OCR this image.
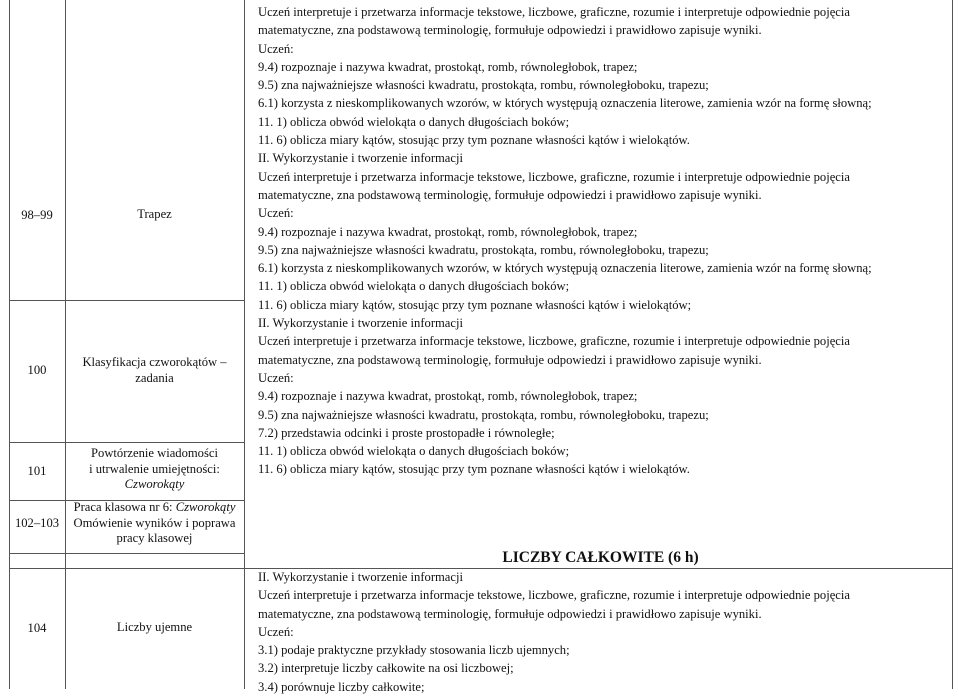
98–99
100
101
102–103
104
Trapez
Klasyfikacja czworokątów – zadania
Powtórzenie wiadomości
i utrwalenie umiejętności:
Czworokąty
Praca klasowa nr 6: Czworokąty
Omówienie wyników i poprawa
pracy klasowej
Liczby ujemne
Uczeń interpretuje i przetwarza informacje tekstowe, liczbowe, graficzne, rozumie i interpretuje odpowiednie pojęcia
matematyczne, zna podstawową terminologię, formułuje odpowiedzi i prawidłowo zapisuje wyniki.
Uczeń:
9.4) rozpoznaje i nazywa kwadrat, prostokąt, romb, równoległobok, trapez;
9.5) zna najważniejsze własności kwadratu, prostokąta, rombu, równoległoboku, trapezu;
6.1) korzysta z nieskomplikowanych wzorów, w których występują oznaczenia literowe, zamienia wzór na formę słowną;
11. 1) oblicza obwód wielokąta o danych długościach boków;
11. 6) oblicza miary kątów, stosując przy tym poznane własności kątów i wielokątów.
II. Wykorzystanie i tworzenie informacji
Uczeń interpretuje i przetwarza informacje tekstowe, liczbowe, graficzne, rozumie i interpretuje odpowiednie pojęcia
matematyczne, zna podstawową terminologię, formułuje odpowiedzi i prawidłowo zapisuje wyniki.
Uczeń:
9.4) rozpoznaje i nazywa kwadrat, prostokąt, romb, równoległobok, trapez;
9.5) zna najważniejsze własności kwadratu, prostokąta, rombu, równoległoboku, trapezu;
6.1) korzysta z nieskomplikowanych wzorów, w których występują oznaczenia literowe, zamienia wzór na formę słowną;
11. 1) oblicza obwód wielokąta o danych długościach boków;
11. 6) oblicza miary kątów, stosując przy tym poznane własności kątów i wielokątów;
II. Wykorzystanie i tworzenie informacji
Uczeń interpretuje i przetwarza informacje tekstowe, liczbowe, graficzne, rozumie i interpretuje odpowiednie pojęcia
matematyczne, zna podstawową terminologię, formułuje odpowiedzi i prawidłowo zapisuje wyniki.
Uczeń:
9.4) rozpoznaje i nazywa kwadrat, prostokąt, romb, równoległobok, trapez;
9.5) zna najważniejsze własności kwadratu, prostokąta, rombu, równoległoboku, trapezu;
7.2) przedstawia odcinki i proste prostopadłe i równoległe;
11. 1) oblicza obwód wielokąta o danych długościach boków;
11. 6) oblicza miary kątów, stosując przy tym poznane własności kątów i wielokątów.
LICZBY CAŁKOWITE (6 h)
II. Wykorzystanie i tworzenie informacji
Uczeń interpretuje i przetwarza informacje tekstowe, liczbowe, graficzne, rozumie i interpretuje odpowiednie pojęcia
matematyczne, zna podstawową terminologię, formułuje odpowiedzi i prawidłowo zapisuje wyniki.
Uczeń:
3.1) podaje praktyczne przykłady stosowania liczb ujemnych;
3.2) interpretuje liczby całkowite na osi liczbowej;
3.4) porównuje liczby całkowite;
